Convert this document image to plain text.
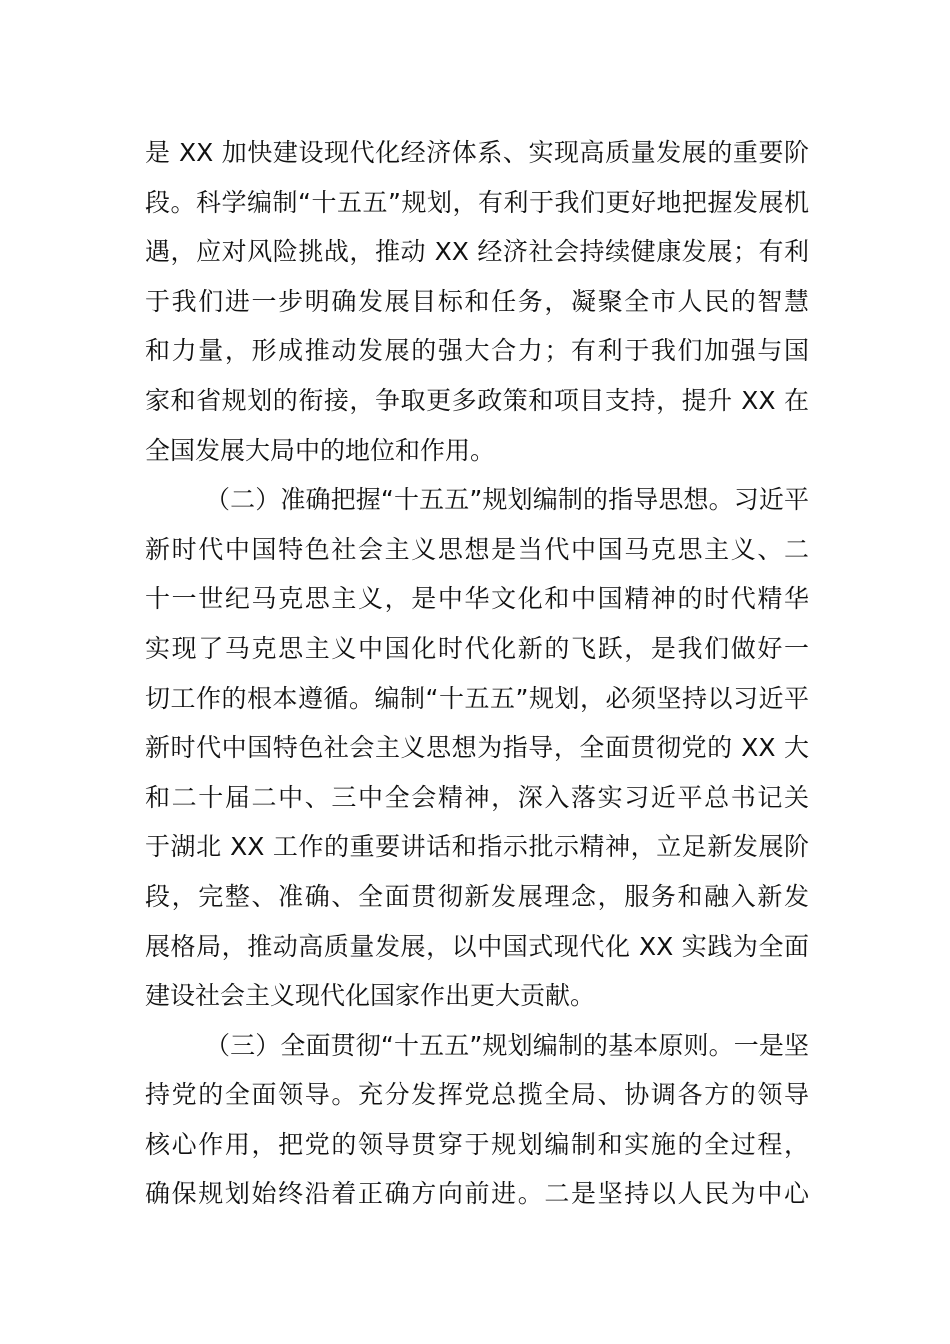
是 XX 加快建设现代化经济体系、实现高质量发展的重要阶
段。科学编制“十五五”规划，有利于我们更好地把握发展机
遇，应对风险挑战，推动 XX 经济社会持续健康发展；有利
于我们进一步明确发展目标和任务，凝聚全市人民的智慧
和力量，形成推动发展的强大合力；有利于我们加强与国
家和省规划的衔接，争取更多政策和项目支持，提升 XX 在
全国发展大局中的地位和作用。
（二）准确把握“十五五”规划编制的指导思想。习近平
新时代中国特色社会主义思想是当代中国马克思主义、二
十一世纪马克思主义，是中华文化和中国精神的时代精华
实现了马克思主义中国化时代化新的飞跃，是我们做好一
切工作的根本遵循。编制“十五五”规划，必须坚持以习近平
新时代中国特色社会主义思想为指导，全面贯彻党的 XX 大
和二十届二中、三中全会精神，深入落实习近平总书记关
于湖北 XX 工作的重要讲话和指示批示精神，立足新发展阶
段，完整、准确、全面贯彻新发展理念，服务和融入新发
展格局，推动高质量发展，以中国式现代化 XX 实践为全面
建设社会主义现代化国家作出更大贡献。
（三）全面贯彻“十五五”规划编制的基本原则。一是坚
持党的全面领导。充分发挥党总揽全局、协调各方的领导
核心作用，把党的领导贯穿于规划编制和实施的全过程，
确保规划始终沿着正确方向前进。二是坚持以人民为中心
